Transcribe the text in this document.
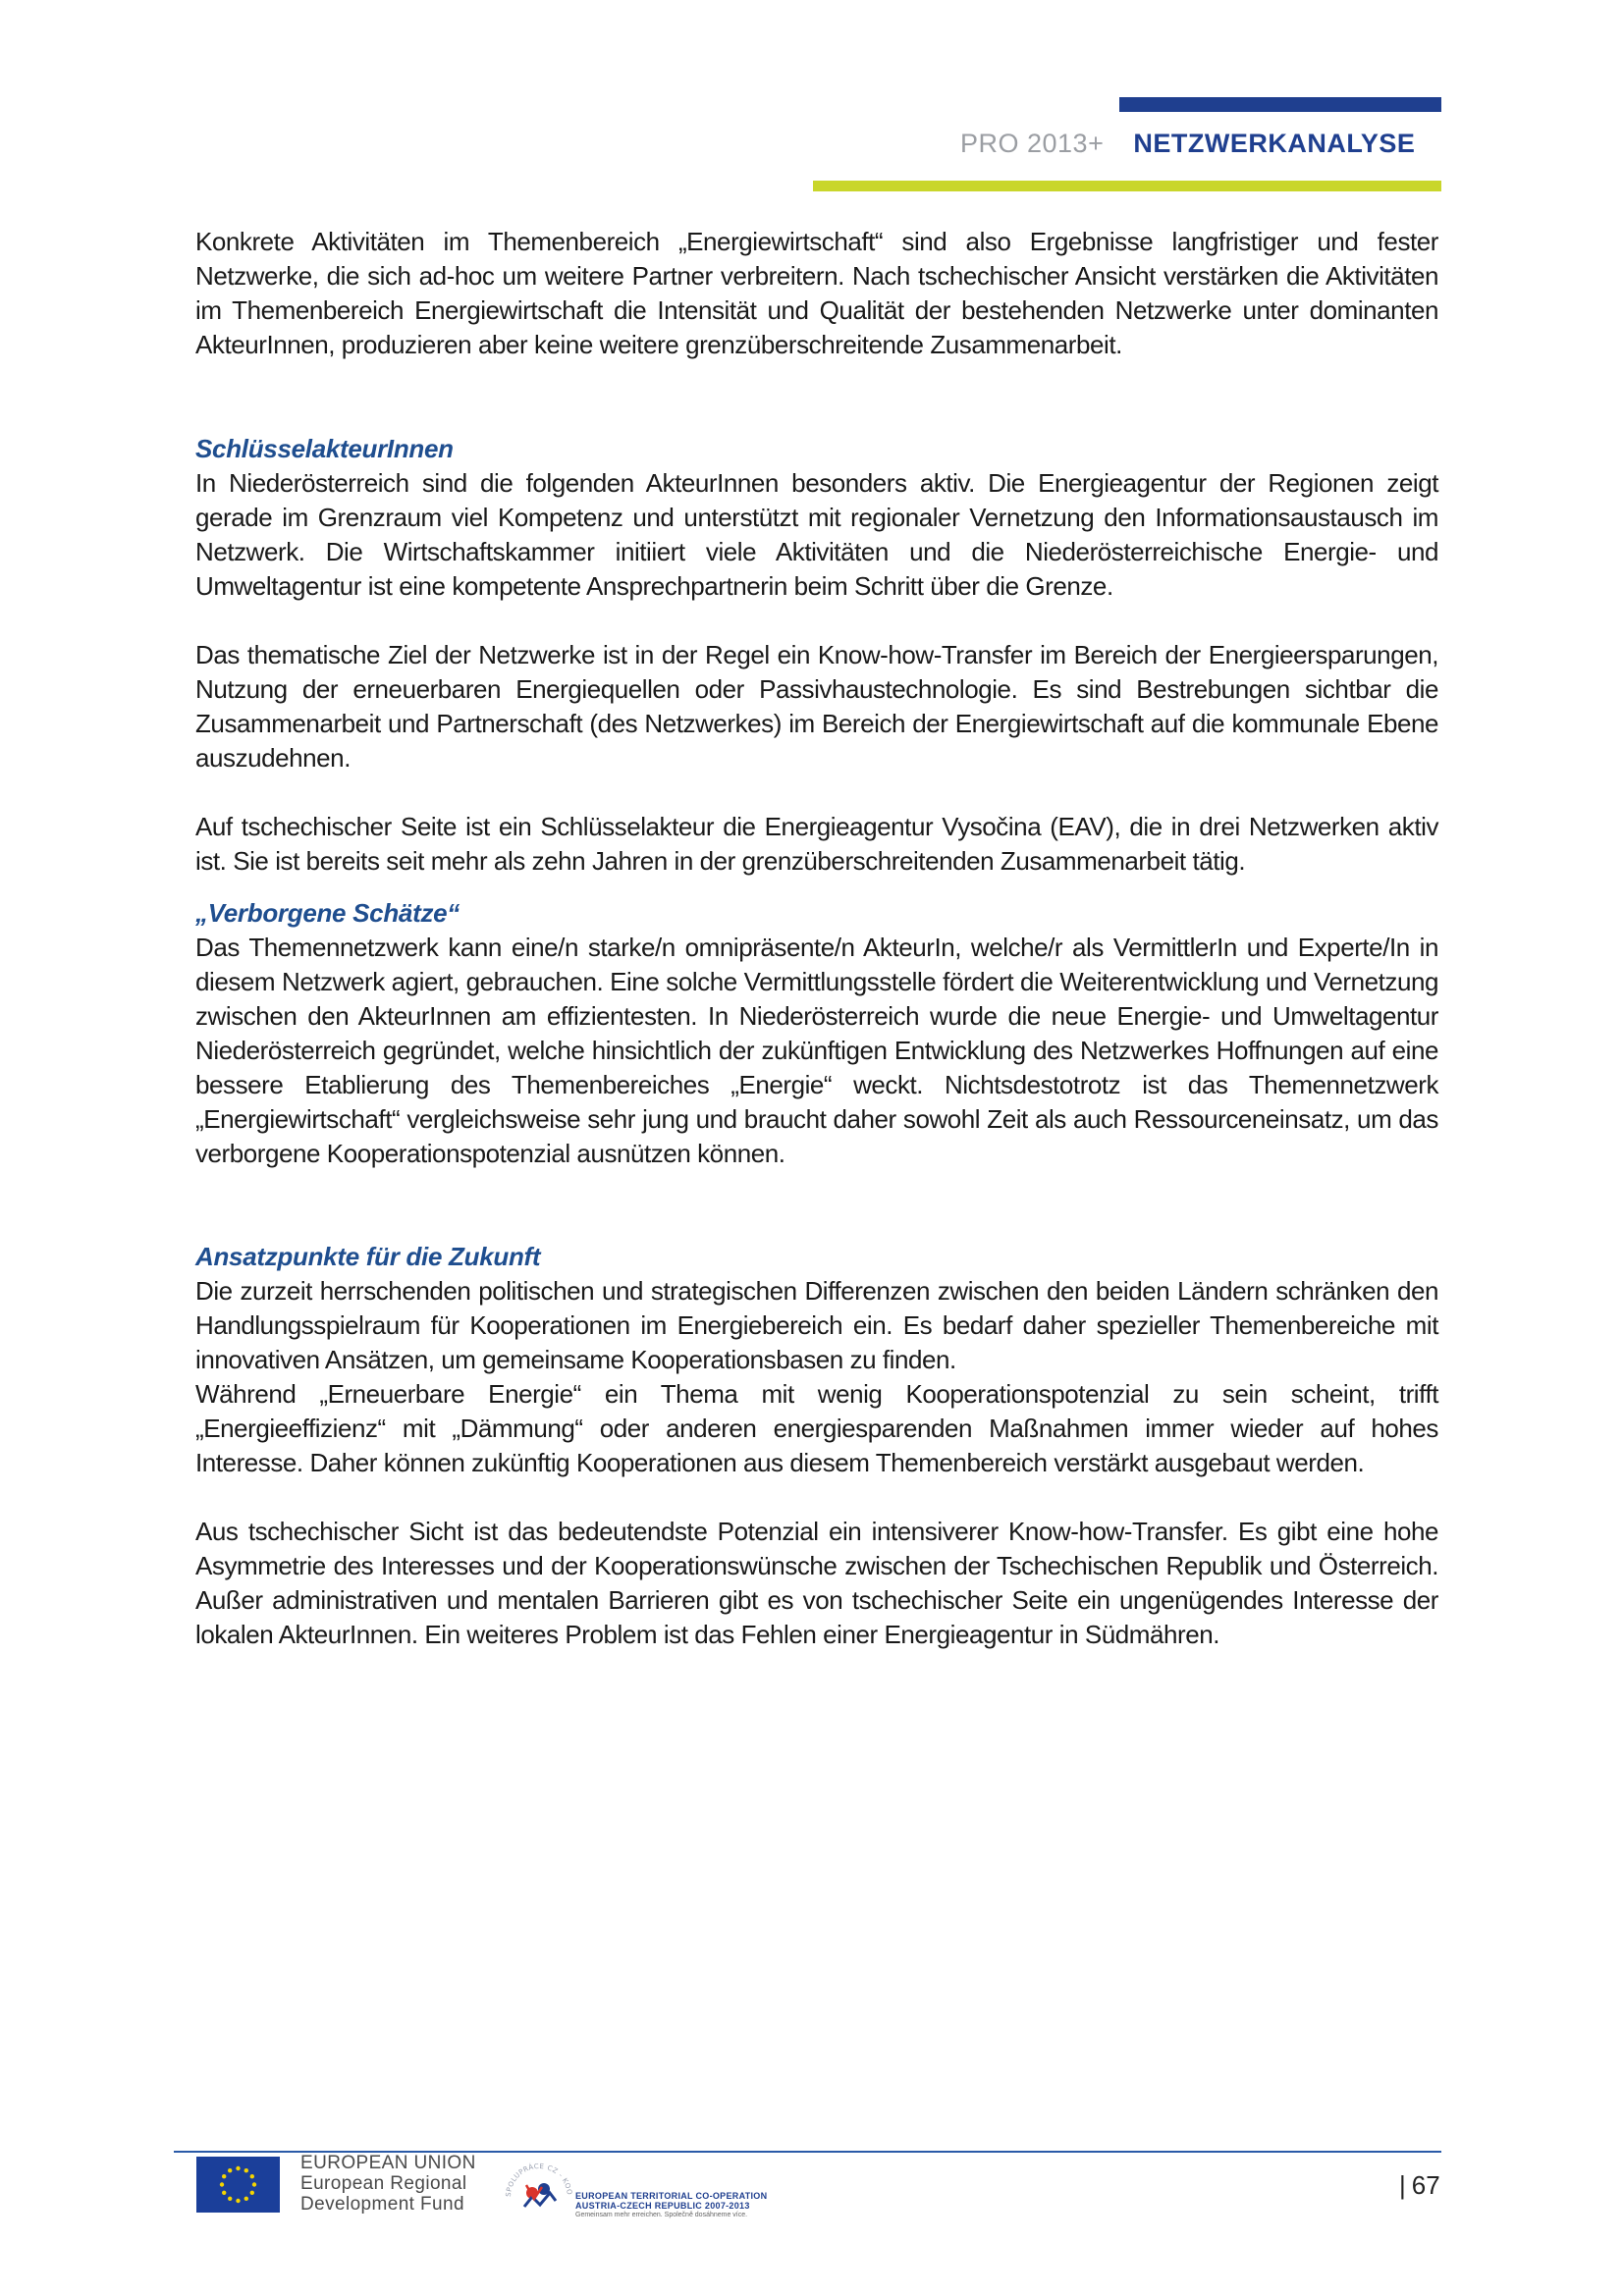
PRO 2013+ NETZWERKANALYSE

Konkrete Aktivitäten im Themenbereich „Energiewirtschaft“ sind also Ergebnisse langfristiger und fester Netzwerke, die sich ad-hoc um weitere Partner verbreitern. Nach tschechischer Ansicht verstärken die Aktivitäten im Themenbereich Energiewirtschaft die Intensität und Qualität der bestehenden Netzwerke unter dominanten AkteurInnen, produzieren aber keine weitere grenzüberschreitende Zusammenarbeit.

SchlüsselakteurInnen

In Niederösterreich sind die folgenden AkteurInnen besonders aktiv. Die Energieagentur der Regionen zeigt gerade im Grenzraum viel Kompetenz und unterstützt mit regionaler Vernetzung den Informationsaustausch im Netzwerk. Die Wirtschaftskammer initiiert viele Aktivitäten und die Niederösterreichische Energie- und Umweltagentur ist eine kompetente Ansprechpartnerin beim Schritt über die Grenze.

Das thematische Ziel der Netzwerke ist in der Regel ein Know-how-Transfer im Bereich der Energieersparungen, Nutzung der erneuerbaren Energiequellen oder Passivhaustechnologie. Es sind Bestrebungen sichtbar die Zusammenarbeit und Partnerschaft (des Netzwerkes) im Bereich der Energiewirtschaft auf die kommunale Ebene auszudehnen.

Auf tschechischer Seite ist ein Schlüsselakteur die Energieagentur Vysočina (EAV), die in drei Netzwerken aktiv ist. Sie ist bereits seit mehr als zehn Jahren in der grenzüberschreitenden Zusammenarbeit tätig.

„Verborgene Schätze“

Das Themennetzwerk kann eine/n starke/n omnipräsente/n AkteurIn, welche/r als VermittlerIn und Experte/In in diesem Netzwerk agiert, gebrauchen. Eine solche Vermittlungsstelle fördert die Weiterentwicklung und Vernetzung zwischen den AkteurInnen am effizientesten. In Niederösterreich wurde die neue Energie- und Umweltagentur Niederösterreich gegründet, welche hinsichtlich der zukünftigen Entwicklung des Netzwerkes Hoffnungen auf eine bessere Etablierung des Themenbereiches „Energie“ weckt. Nichtsdestotrotz ist das Themennetzwerk „Energiewirtschaft“ vergleichsweise sehr jung und braucht daher sowohl Zeit als auch Ressourceneinsatz, um das verborgene Kooperationspotenzial ausnützen können.

Ansatzpunkte für die Zukunft

Die zurzeit herrschenden politischen und strategischen Differenzen zwischen den beiden Ländern schränken den Handlungsspielraum für Kooperationen im Energiebereich ein. Es bedarf daher spezieller Themenbereiche mit innovativen Ansätzen, um gemeinsame Kooperationsbasen zu finden.

Während „Erneuerbare Energie“ ein Thema mit wenig Kooperationspotenzial zu sein scheint, trifft „Energieeffizienz“ mit „Dämmung“ oder anderen energiesparenden Maßnahmen immer wieder auf hohes Interesse. Daher können zukünftig Kooperationen aus diesem Themenbereich verstärkt ausgebaut werden.

Aus tschechischer Sicht ist das bedeutendste Potenzial ein intensiverer Know-how-Transfer. Es gibt eine hohe Asymmetrie des Interesses und der Kooperationswünsche zwischen der Tschechischen Republik und Österreich. Außer administrativen und mentalen Barrieren gibt es von tschechischer Seite ein ungenügendes Interesse der lokalen AkteurInnen. Ein weiteres Problem ist das Fehlen einer Energieagentur in Südmähren.

EUROPEAN UNION
European Regional
Development Fund	SPOLUPRÁCE CZ - KOO EUROPEAN TERRITORIAL CO-OPERATION
AUSTRIA-CZECH REPUBLIC 2007-2013
Gemeinsam mehr erreichen. Společně dosáhneme více.
| 67
